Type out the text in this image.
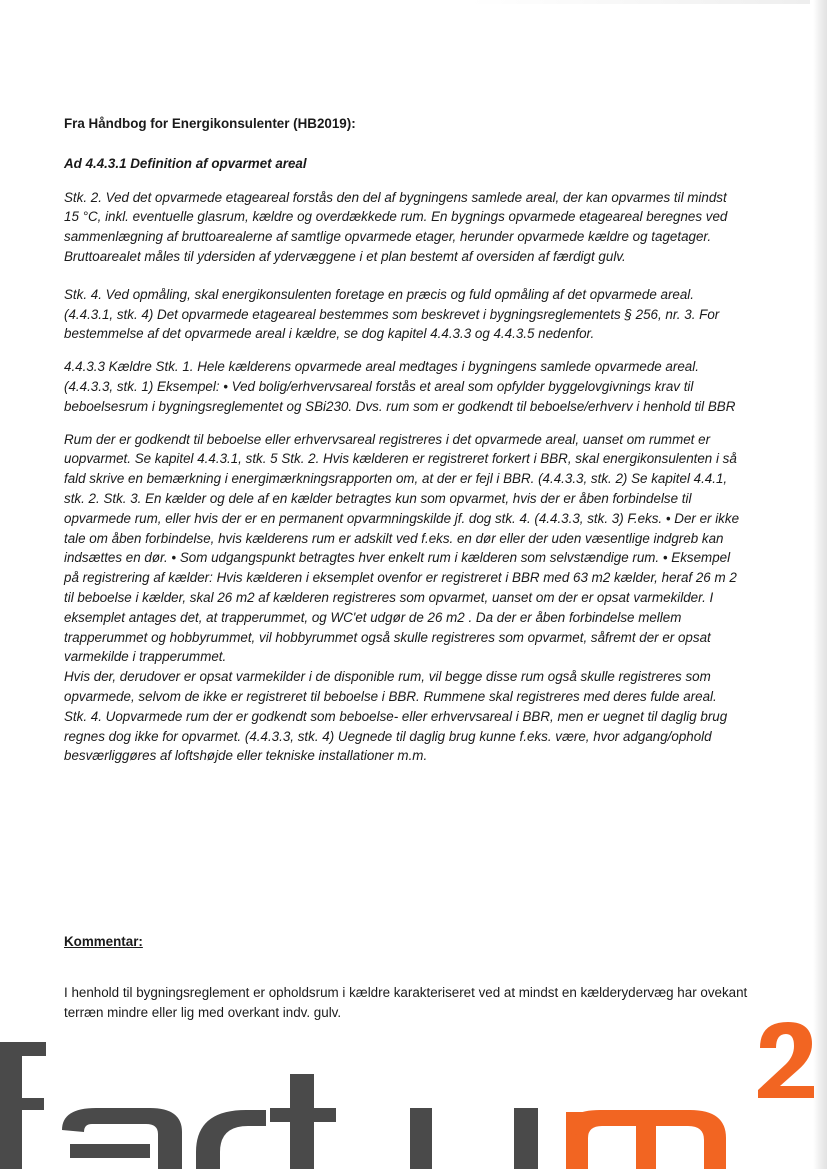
Fra Håndbog for Energikonsulenter (HB2019):

Ad 4.4.3.1 Definition af opvarmet areal

Stk. 2. Ved det opvarmede etageareal forstås den del af bygningens samlede areal, der kan opvarmes til mindst 15 °C, inkl. eventuelle glasrum, kældre og overdækkede rum. En bygnings opvarmede etageareal beregnes ved sammenlægning af bruttoarealerne af samtlige opvarmede etager, herunder opvarmede kældre og tagetager. Bruttoarealet måles til ydersiden af ydervæggene i et plan bestemt af oversiden af færdigt gulv.

Stk. 4. Ved opmåling, skal energikonsulenten foretage en præcis og fuld opmåling af det opvarmede areal. (4.4.3.1, stk. 4) Det opvarmede etageareal bestemmes som beskrevet i bygningsreglementets § 256, nr. 3. For bestemmelse af det opvarmede areal i kældre, se dog kapitel 4.4.3.3 og 4.4.3.5 nedenfor.

4.4.3.3 Kældre Stk. 1. Hele kælderens opvarmede areal medtages i bygningens samlede opvarmede areal. (4.4.3.3, stk. 1) Eksempel: • Ved bolig/erhvervsareal forstås et areal som opfylder byggelovgivnings krav til beboelsesrum i bygningsreglementet og SBi230. Dvs. rum som er godkendt til beboelse/erhverv i henhold til BBR

Rum der er godkendt til beboelse eller erhvervsareal registreres i det opvarmede areal, uanset om rummet er uopvarmet. Se kapitel 4.4.3.1, stk. 5 Stk. 2. Hvis kælderen er registreret forkert i BBR, skal energikonsulenten i så fald skrive en bemærkning i energimærkningsrapporten om, at der er fejl i BBR. (4.4.3.3, stk. 2) Se kapitel 4.4.1, stk. 2. Stk. 3. En kælder og dele af en kælder betragtes kun som opvarmet, hvis der er åben forbindelse til opvarmede rum, eller hvis der er en permanent opvarmningskilde jf. dog stk. 4. (4.4.3.3, stk. 3) F.eks. • Der er ikke tale om åben forbindelse, hvis kælderens rum er adskilt ved f.eks. en dør eller der uden væsentlige indgreb kan indsættes en dør. • Som udgangspunkt betragtes hver enkelt rum i kælderen som selvstændige rum. • Eksempel på registrering af kælder: Hvis kælderen i eksemplet ovenfor er registreret i BBR med 63 m2 kælder, heraf 26 m 2 til beboelse i kælder, skal 26 m2 af kælderen registreres som opvarmet, uanset om der er opsat varmekilder. I eksemplet antages det, at trapperummet, og WC'et udgør de 26 m2 . Da der er åben forbindelse mellem trapperummet og hobbyrummet, vil hobbyrummet også skulle registreres som opvarmet, såfremt der er opsat varmekilde i trapperummet.

Hvis der, derudover er opsat varmekilder i de disponible rum, vil begge disse rum også skulle registreres som opvarmede, selvom de ikke er registreret til beboelse i BBR. Rummene skal registreres med deres fulde areal.

Stk. 4. Uopvarmede rum der er godkendt som beboelse- eller erhvervsareal i BBR, men er uegnet til daglig brug regnes dog ikke for opvarmet. (4.4.3.3, stk. 4) Uegnede til daglig brug kunne f.eks. være, hvor adgang/ophold besværliggøres af loftshøjde eller tekniske installationer m.m.

Kommentar:

I henhold til bygningsreglement er opholdsrum i kældre karakteriseret ved at mindst en kælderydervæg har ovekant terræn mindre eller lig med overkant indv. gulv.
